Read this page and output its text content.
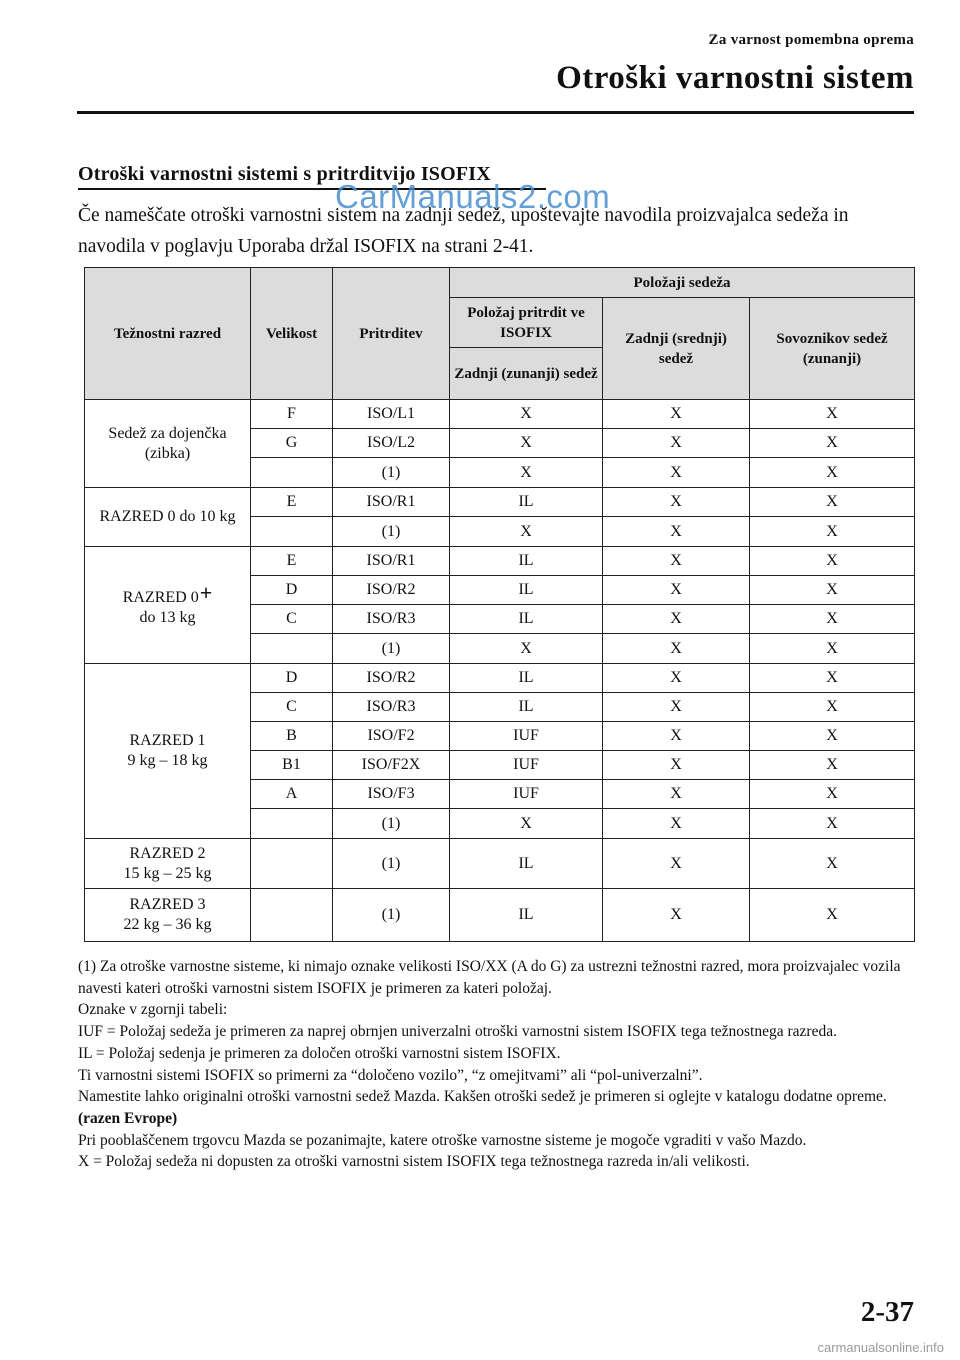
Za varnost pomembna oprema
Otroški varnostni sistem
Otroški varnostni sistemi s pritrditvijo ISOFIX
Če nameščate otroški varnostni sistem na zadnji sedež, upoštevajte navodila proizvajalca sedeža in navodila v poglavju Uporaba držal ISOFIX na strani 2-41.
CarManuals2.com
Težnostni razred	Velikost	Pritrditev	Položaji sedeža		
			Položaj pritrdit ve ISOFIX	Zadnji (srednji) sedež	Sovoznikov sedež (zunanji)
			Zadnji (zunanji) sedež		
Sedež za dojenčka (zibka)	F	ISO/L1	X	X	X
	G	ISO/L2	X	X	X
		(1)	X	X	X
RAZRED 0 do 10 kg	E	ISO/R1	IL	X	X
		(1)	X	X	X
RAZRED 0+
do 13 kg	E	ISO/R1	IL	X	X
	D	ISO/R2	IL	X	X
	C	ISO/R3	IL	X	X
		(1)	X	X	X
RAZRED 1
9 kg – 18 kg	D	ISO/R2	IL	X	X
	C	ISO/R3	IL	X	X
	B	ISO/F2	IUF	X	X
	B1	ISO/F2X	IUF	X	X
	A	ISO/F3	IUF	X	X
		(1)	X	X	X
RAZRED 2
15 kg – 25 kg		(1)	IL	X	X
RAZRED 3
22 kg – 36 kg		(1)	IL	X	X

(1) Za otroške varnostne sisteme, ki nimajo oznake velikosti ISO/XX (A do G) za ustrezni težnostni razred, mora proizvajalec vozila navesti kateri otroški varnostni sistem ISOFIX je primeren za kateri položaj.

Oznake v zgornji tabeli:

IUF = Položaj sedeža je primeren za naprej obrnjen univerzalni otroški varnostni sistem ISOFIX tega težnostnega razreda.

IL = Položaj sedenja je primeren za določen otroški varnostni sistem ISOFIX.

Ti varnostni sistemi ISOFIX so primerni za “določeno vozilo”, “z omejitvami” ali “pol-univerzalni”.

Namestite lahko originalni otroški varnostni sedež Mazda. Kakšen otroški sedež je primeren si oglejte v katalogu dodatne opreme.

(razen Evrope)

Pri pooblaščenem trgovcu Mazda se pozanimajte, katere otroške varnostne sisteme je mogoče vgraditi v vašo Mazdo.

X = Položaj sedeža ni dopusten za otroški varnostni sistem ISOFIX tega težnostnega razreda in/ali velikosti.

2-37
carmanualsonline.info
